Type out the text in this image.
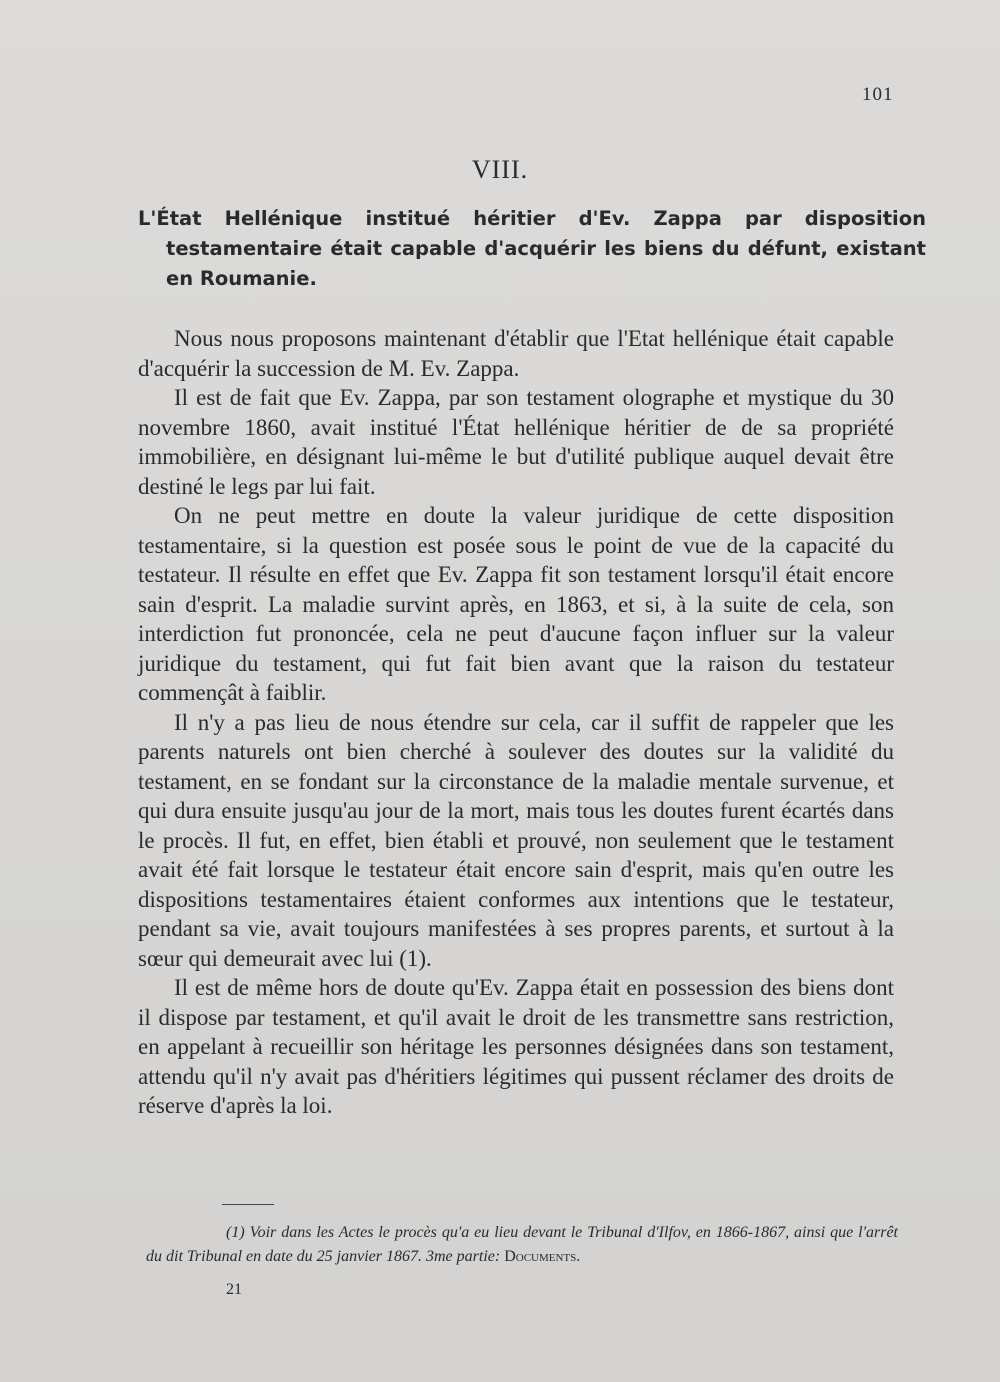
101
VIII.
L'État Hellénique institué héritier d'Ev. Zappa par disposition testamentaire était capable d'acquérir les biens du défunt, existant en Roumanie.

Nous nous proposons maintenant d'établir que l'Etat hellénique était capable d'acquérir la succession de M. Ev. Zappa.

Il est de fait que Ev. Zappa, par son testament olographe et mystique du 30 novembre 1860, avait institué l'État hellénique héritier de de sa propriété immobilière, en désignant lui-même le but d'utilité publique auquel devait être destiné le legs par lui fait.

On ne peut mettre en doute la valeur juridique de cette disposition testamentaire, si la question est posée sous le point de vue de la capacité du testateur. Il résulte en effet que Ev. Zappa fit son testament lorsqu'il était encore sain d'esprit. La maladie survint après, en 1863, et si, à la suite de cela, son interdiction fut prononcée, cela ne peut d'aucune façon influer sur la valeur juridique du testament, qui fut fait bien avant que la raison du testateur commençât à faiblir.

Il n'y a pas lieu de nous étendre sur cela, car il suffit de rappeler que les parents naturels ont bien cherché à soulever des doutes sur la validité du testament, en se fondant sur la circonstance de la maladie mentale survenue, et qui dura ensuite jusqu'au jour de la mort, mais tous les doutes furent écartés dans le procès. Il fut, en effet, bien établi et prouvé, non seulement que le testament avait été fait lorsque le testateur était encore sain d'esprit, mais qu'en outre les dispositions testamentaires étaient conformes aux intentions que le testateur, pendant sa vie, avait toujours manifestées à ses propres parents, et surtout à la sœur qui demeurait avec lui (1).

Il est de même hors de doute qu'Ev. Zappa était en possession des biens dont il dispose par testament, et qu'il avait le droit de les transmettre sans restriction, en appelant à recueillir son héritage les personnes désignées dans son testament, attendu qu'il n'y avait pas d'héritiers légitimes qui pussent réclamer des droits de réserve d'après la loi.

(1) Voir dans les Actes le procès qu'a eu lieu devant le Tribunal d'Ilfov, en 1866-1867, ainsi que l'arrêt du dit Tribunal en date du 25 janvier 1867. 3me partie: Documents.
21
